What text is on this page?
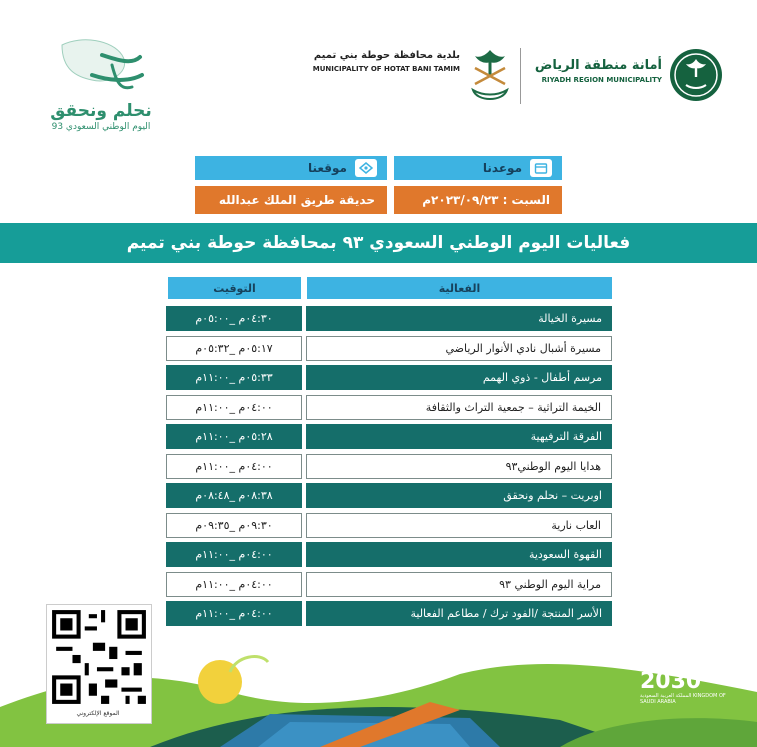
نحلم ونحقق
اليوم الوطني السعودي 93
بلدية محافظة حوطة بني تميم
MUNICIPALITY OF HOTAT BANI TAMIM	أمانة منطقة الرياض
RIYADH REGION MUNICIPALITY
موقعنا
حديقة طريق الملك عبدالله
موعدنا
السبت : ٢٠٢٣/٠٩/٢٣م
فعاليات اليوم الوطني السعودي ٩٣ بمحافظة حوطة بني تميم
التوقيت	الفعالية
٠٤:٣٠م _٠٥:٠٠م	مسيرة الخيالة
٠٥:١٧م _٠٥:٣٢م	مسيرة أشبال نادي الأنوار الرياضي
٠٥:٣٣م _١١:٠٠م	مرسم أطفال - ذوي الهمم
٠٤:٠٠م _١١:٠٠م	الخيمة التراثية – جمعية التراث والثقافة
٠٥:٢٨م _١١:٠٠م	الفرقة الترفيهية
٠٤:٠٠م _١١:٠٠م	هدايا اليوم الوطني٩٣
٠٨:٣٨م _٠٨:٤٨م	اوبريت – نحلم ونحقق
٠٩:٣٠م _٠٩:٣٥م	العاب نارية
٠٤:٠٠م _١١:٠٠م	القهوة السعودية
٠٤:٠٠م _١١:٠٠م	مراية اليوم الوطني ٩٣
٠٤:٠٠م _١١:٠٠م	الأسر المنتجة /الفود ترك / مطاعم الفعالية
الموقع الإلكتروني
VISION رؤيـة
2030
المملكة العربية السعودية KINGDOM OF SAUDI ARABIA
